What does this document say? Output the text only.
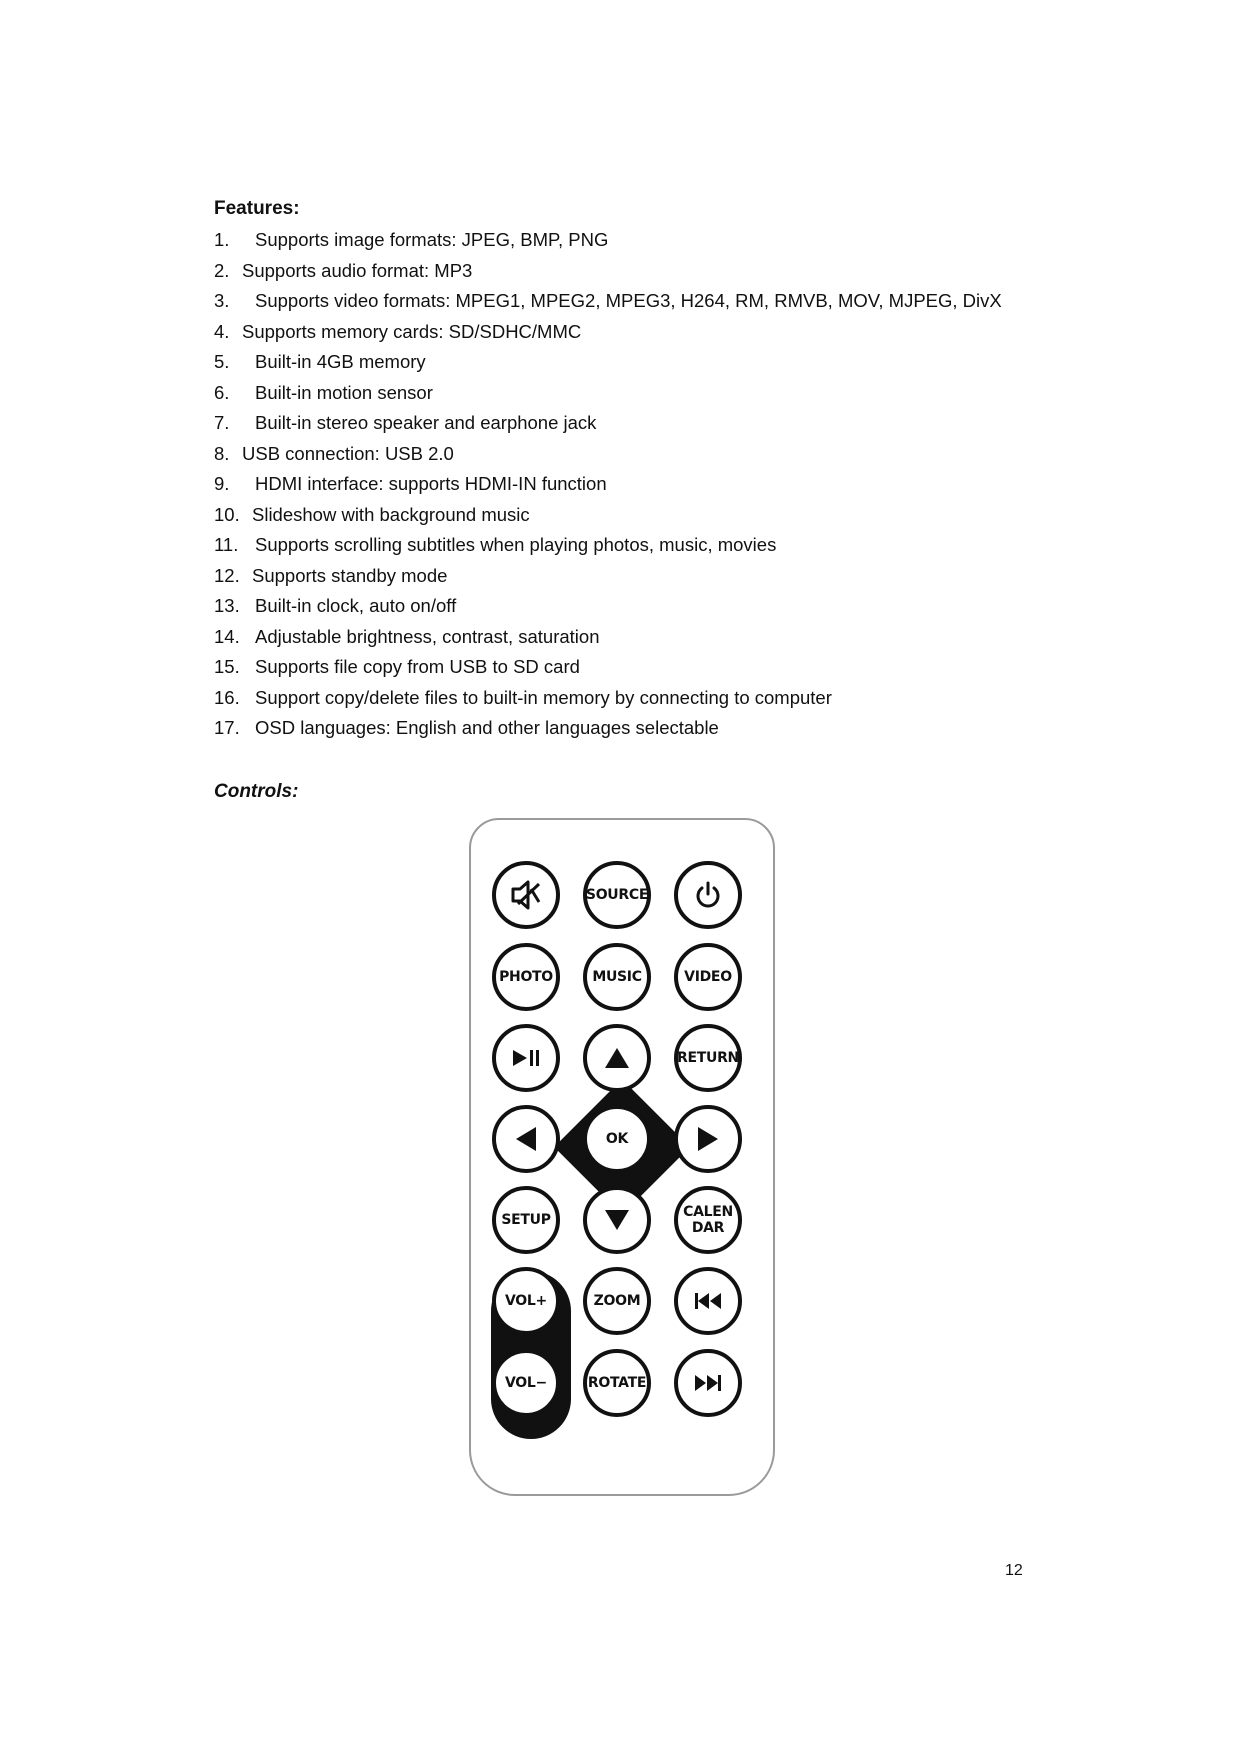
Features:
1. Supports image formats: JPEG, BMP, PNG
2. Supports audio format: MP3
3. Supports video formats: MPEG1, MPEG2, MPEG3, H264, RM, RMVB, MOV, MJPEG, DivX
4. Supports memory cards: SD/SDHC/MMC
5. Built-in 4GB memory
6. Built-in motion sensor
7. Built-in stereo speaker and earphone jack
8. USB connection: USB 2.0
9. HDMI interface: supports HDMI-IN function
10. Slideshow with background music
11. Supports scrolling subtitles when playing photos, music, movies
12. Supports standby mode
13. Built-in clock, auto on/off
14. Adjustable brightness, contrast, saturation
15. Supports file copy from USB to SD card
16. Support copy/delete files to built-in memory by connecting to computer
17. OSD languages: English and other languages selectable
Controls:
SOURCE
PHOTO	MUSIC	VIDEO
RETURN
OK
SETUP	CALEN
DAR
VOL+	ZOOM
VOL−	ROTATE
12
